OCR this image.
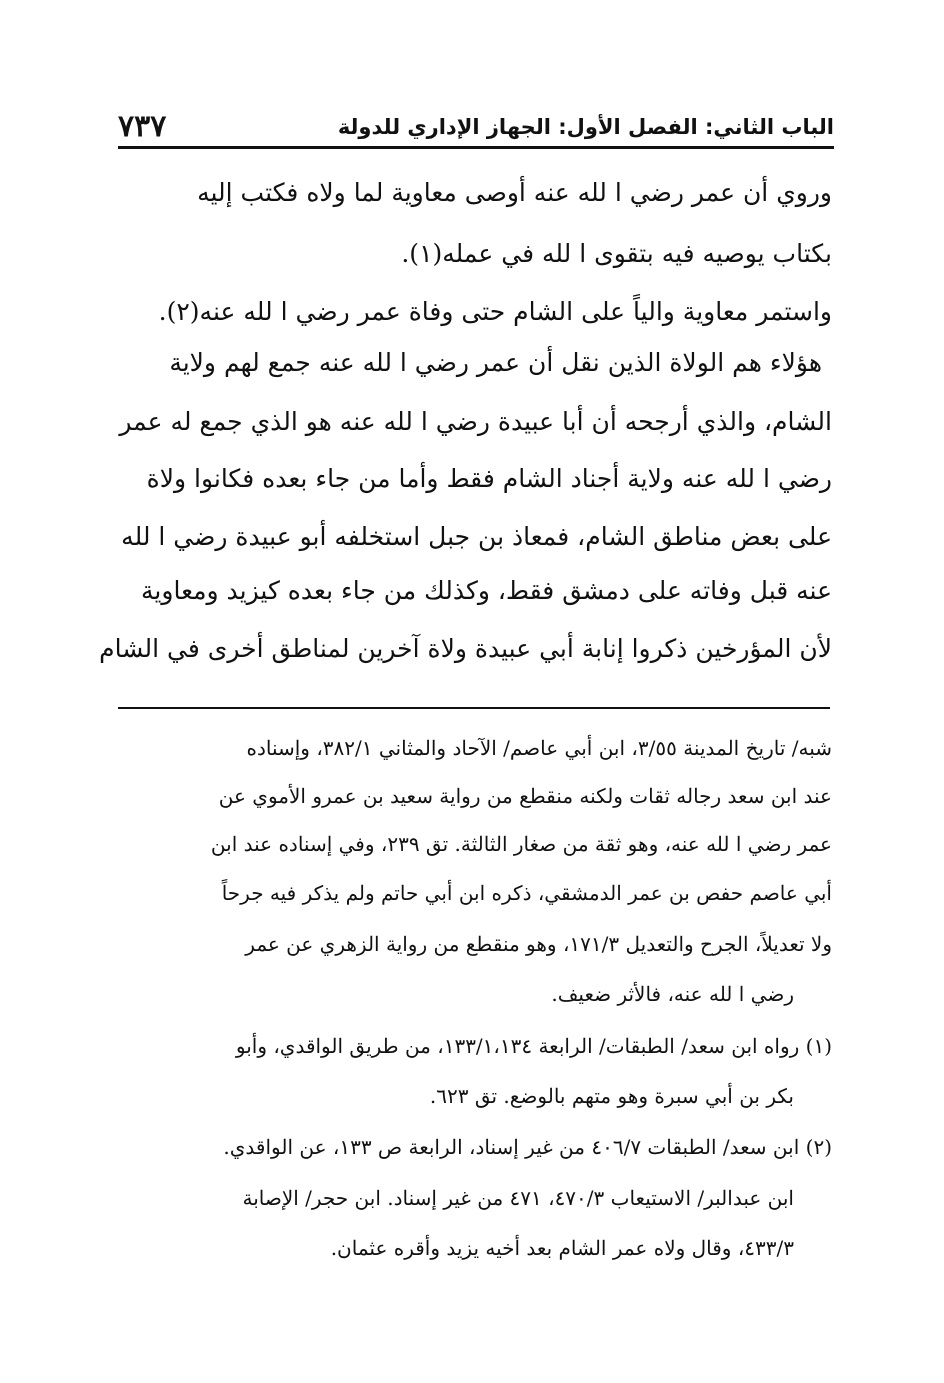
٧٣٧	الباب الثاني: الفصل الأول: الجهاز الإداري للدولة
وروي أن عمر رضي ا لله عنه أوصى معاوية لما ولاه فكتب إليه
بكتاب يوصيه فيه بتقوى ا لله في عمله(١).
واستمر معاوية والياً على الشام حتى وفاة عمر رضي ا لله عنه(٢).
هؤلاء هم الولاة الذين نقل أن عمر رضي ا لله عنه جمع لهم ولاية
الشام، والذي أرجحه أن أبا عبيدة رضي ا لله عنه هو الذي جمع له عمر
رضي ا لله عنه ولاية أجناد الشام فقط وأما من جاء بعده فكانوا ولاة
على بعض مناطق الشام، فمعاذ بن جبل استخلفه أبو عبيدة رضي ا لله
عنه قبل وفاته على دمشق فقط، وكذلك من جاء بعده كيزيد ومعاوية
لأن المؤرخين ذكروا إنابة أبي عبيدة ولاة آخرين لمناطق أخرى في الشام
شبه/ تاريخ المدينة ٣/٥٥، ابن أبي عاصم/ الآحاد والمثاني ٣٨٢/١، وإسناده
عند ابن سعد رجاله ثقات ولكنه منقطع من رواية سعيد بن عمرو الأموي عن
عمر رضي ا لله عنه، وهو ثقة من صغار الثالثة. تق ٢٣٩، وفي إسناده عند ابن
أبي عاصم حفص بن عمر الدمشقي، ذكره ابن أبي حاتم ولم يذكر فيه جرحاً
ولا تعديلاً، الجرح والتعديل ١٧١/٣، وهو منقطع من رواية الزهري عن عمر
رضي ا لله عنه، فالأثر ضعيف.
(١) رواه ابن سعد/ الطبقات/ الرابعة ١٣٣/١،١٣٤، من طريق الواقدي، وأبو
بكر بن أبي سبرة وهو متهم بالوضع. تق ٦٢٣.
(٢) ابن سعد/ الطبقات ٤٠٦/٧ من غير إسناد، الرابعة ص ١٣٣، عن الواقدي.
ابن عبدالبر/ الاستيعاب ٤٧٠/٣، ٤٧١ من غير إسناد. ابن حجر/ الإصابة
٤٣٣/٣، وقال ولاه عمر الشام بعد أخيه يزيد وأقره عثمان.
